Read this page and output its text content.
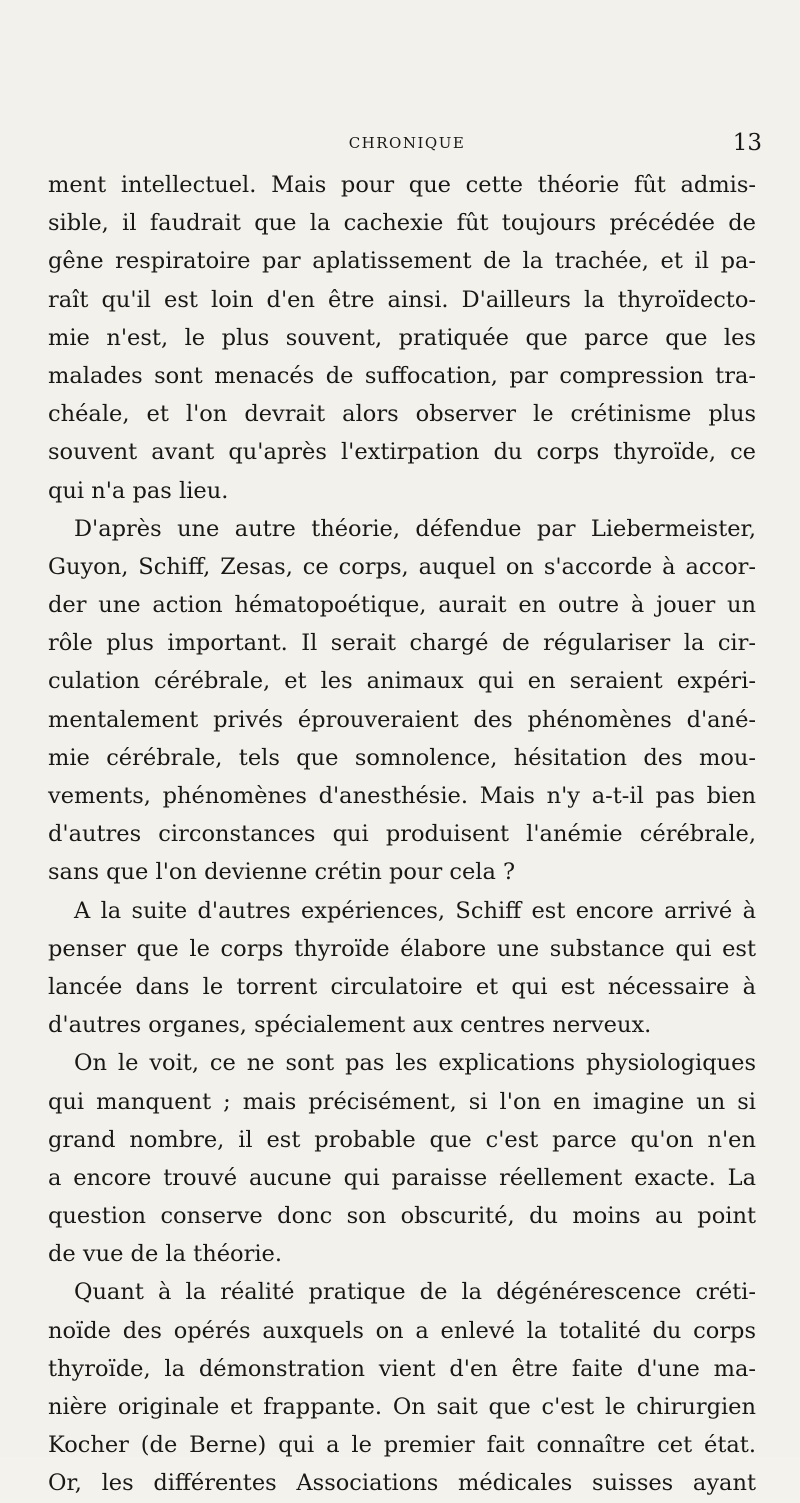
CHRONIQUE	13
ment intellectuel. Mais pour que cette théorie fût admis-
sible, il faudrait que la cachexie fût toujours précédée de
gêne respiratoire par aplatissement de la trachée, et il pa-
raît qu'il est loin d'en être ainsi. D'ailleurs la thyroïdecto-
mie n'est, le plus souvent, pratiquée que parce que les
malades sont menacés de suffocation, par compression tra-
chéale, et l'on devrait alors observer le crétinisme plus
souvent avant qu'après l'extirpation du corps thyroïde, ce
qui n'a pas lieu.
D'après une autre théorie, défendue par Liebermeister,
Guyon, Schiff, Zesas, ce corps, auquel on s'accorde à accor-
der une action hématopoétique, aurait en outre à jouer un
rôle plus important. Il serait chargé de régulariser la cir-
culation cérébrale, et les animaux qui en seraient expéri-
mentalement privés éprouveraient des phénomènes d'ané-
mie cérébrale, tels que somnolence, hésitation des mou-
vements, phénomènes d'anesthésie. Mais n'y a-t-il pas bien
d'autres circonstances qui produisent l'anémie cérébrale,
sans que l'on devienne crétin pour cela ?
A la suite d'autres expériences, Schiff est encore arrivé à
penser que le corps thyroïde élabore une substance qui est
lancée dans le torrent circulatoire et qui est nécessaire à
d'autres organes, spécialement aux centres nerveux.
On le voit, ce ne sont pas les explications physiologiques
qui manquent ; mais précisément, si l'on en imagine un si
grand nombre, il est probable que c'est parce qu'on n'en
a encore trouvé aucune qui paraisse réellement exacte. La
question conserve donc son obscurité, du moins au point
de vue de la théorie.
Quant à la réalité pratique de la dégénérescence créti-
noïde des opérés auxquels on a enlevé la totalité du corps
thyroïde, la démonstration vient d'en être faite d'une ma-
nière originale et frappante. On sait que c'est le chirurgien
Kocher (de Berne) qui a le premier fait connaître cet état.
Or, les différentes Associations médicales suisses ayant
